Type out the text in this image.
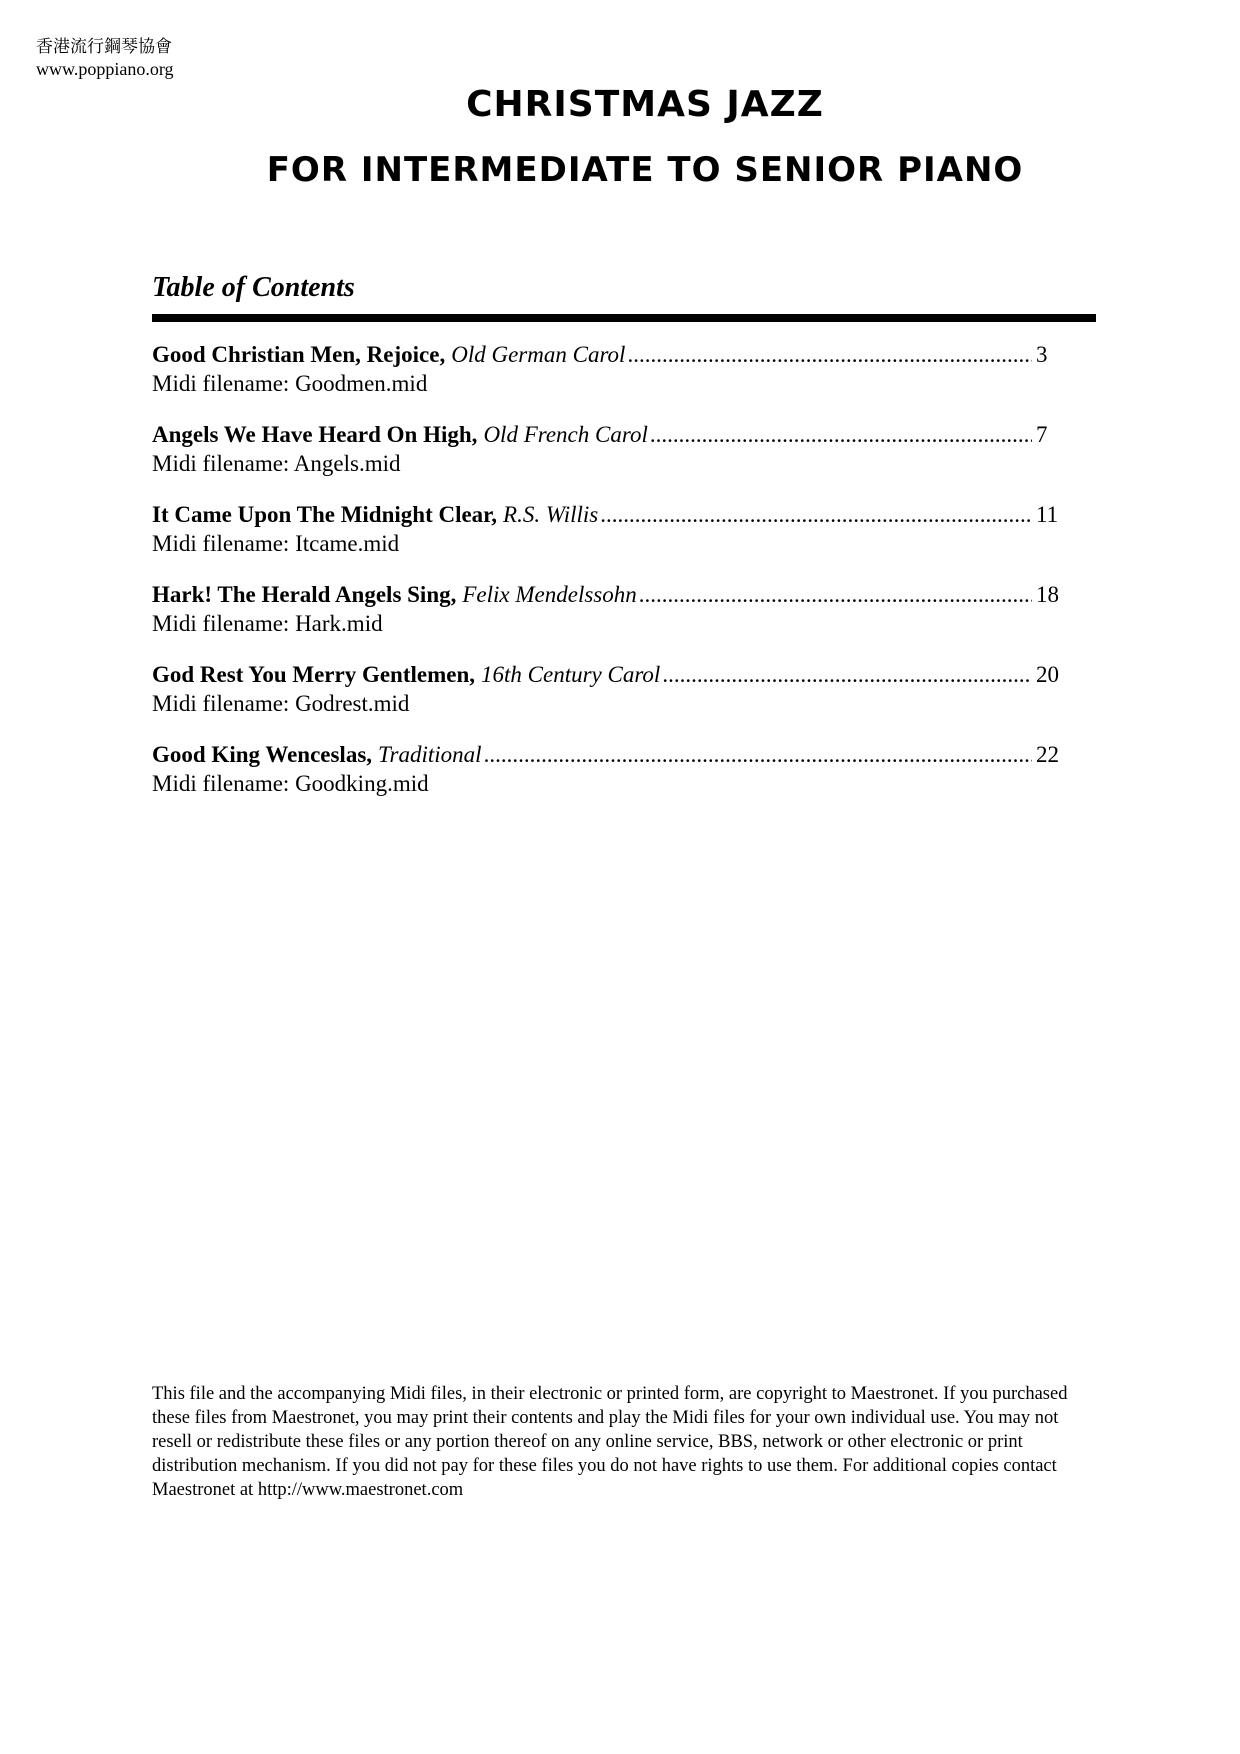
香港流行鋼琴協會
www.poppiano.org
CHRISTMAS JAZZ
FOR INTERMEDIATE TO SENIOR PIANO
Table of Contents
Good Christian Men, Rejoice, Old German Carol .....	3
Midi filename: Goodmen.mid
Angels We Have Heard On High, Old French Carol .....	7
Midi filename: Angels.mid
It Came Upon The Midnight Clear, R.S. Willis .....	11
Midi filename: Itcame.mid
Hark! The Herald Angels Sing, Felix Mendelssohn .....	18
Midi filename: Hark.mid
God Rest You Merry Gentlemen, 16th Century Carol .....	20
Midi filename: Godrest.mid
Good King Wenceslas, Traditional .....	22
Midi filename: Goodking.mid
This file and the accompanying Midi files, in their electronic or printed form, are copyright to Maestronet. If you purchased these files from Maestronet, you may print their contents and play the Midi files for your own individual use. You may not resell or redistribute these files or any portion thereof on any online service, BBS, network or other electronic or print distribution mechanism. If you did not pay for these files you do not have rights to use them. For additional copies contact Maestronet at http://www.maestronet.com
